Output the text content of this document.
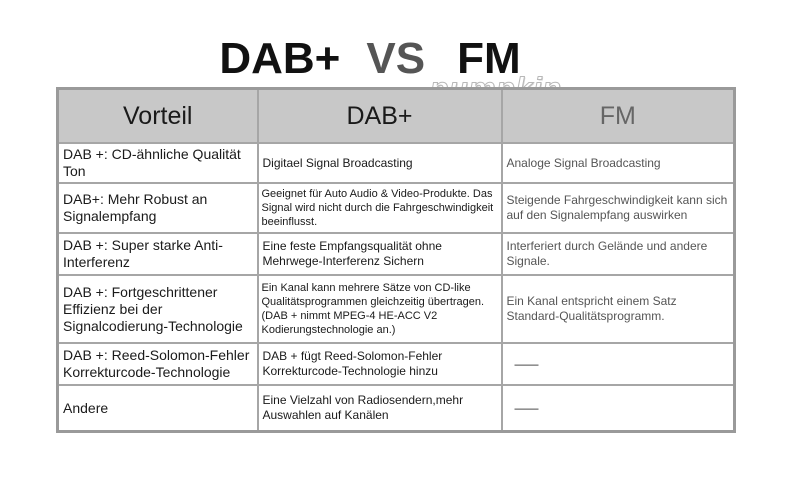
DAB+ VS FM
Vorteil	DAB+	FM
DAB +: CD-ähnliche Qualität Ton	Digitael Signal Broadcasting	Analoge Signal Broadcasting
DAB+: Mehr Robust an Signalempfang	Geeignet für Auto Audio & Video-Produkte. Das Signal wird nicht durch die Fahrgeschwindigkeit beeinflusst.	Steigende Fahrgeschwindigkeit kann sich auf den Signalempfang auswirken
DAB +: Super starke Anti-Interferenz	Eine feste Empfangsqualität ohne Mehrwege-Interferenz Sichern	Interferiert durch Gelände und andere Signale.
DAB +: Fortgeschrittener Effizienz bei der Signalcodierung-Technologie	Ein Kanal kann mehrere Sätze von CD-like Qualitätsprogrammen gleichzeitig übertragen. (DAB + nimmt MPEG-4 HE-ACC V2 Kodierungstechnologie an.)	Ein Kanal entspricht einem Satz Standard-Qualitätsprogramm.
DAB +: Reed-Solomon-Fehler Korrekturcode-Technologie	DAB + fügt Reed-Solomon-Fehler Korrekturcode-Technologie hinzu	——
Andere	Eine Vielzahl von Radiosendern,mehr Auswahlen auf Kanälen	——
